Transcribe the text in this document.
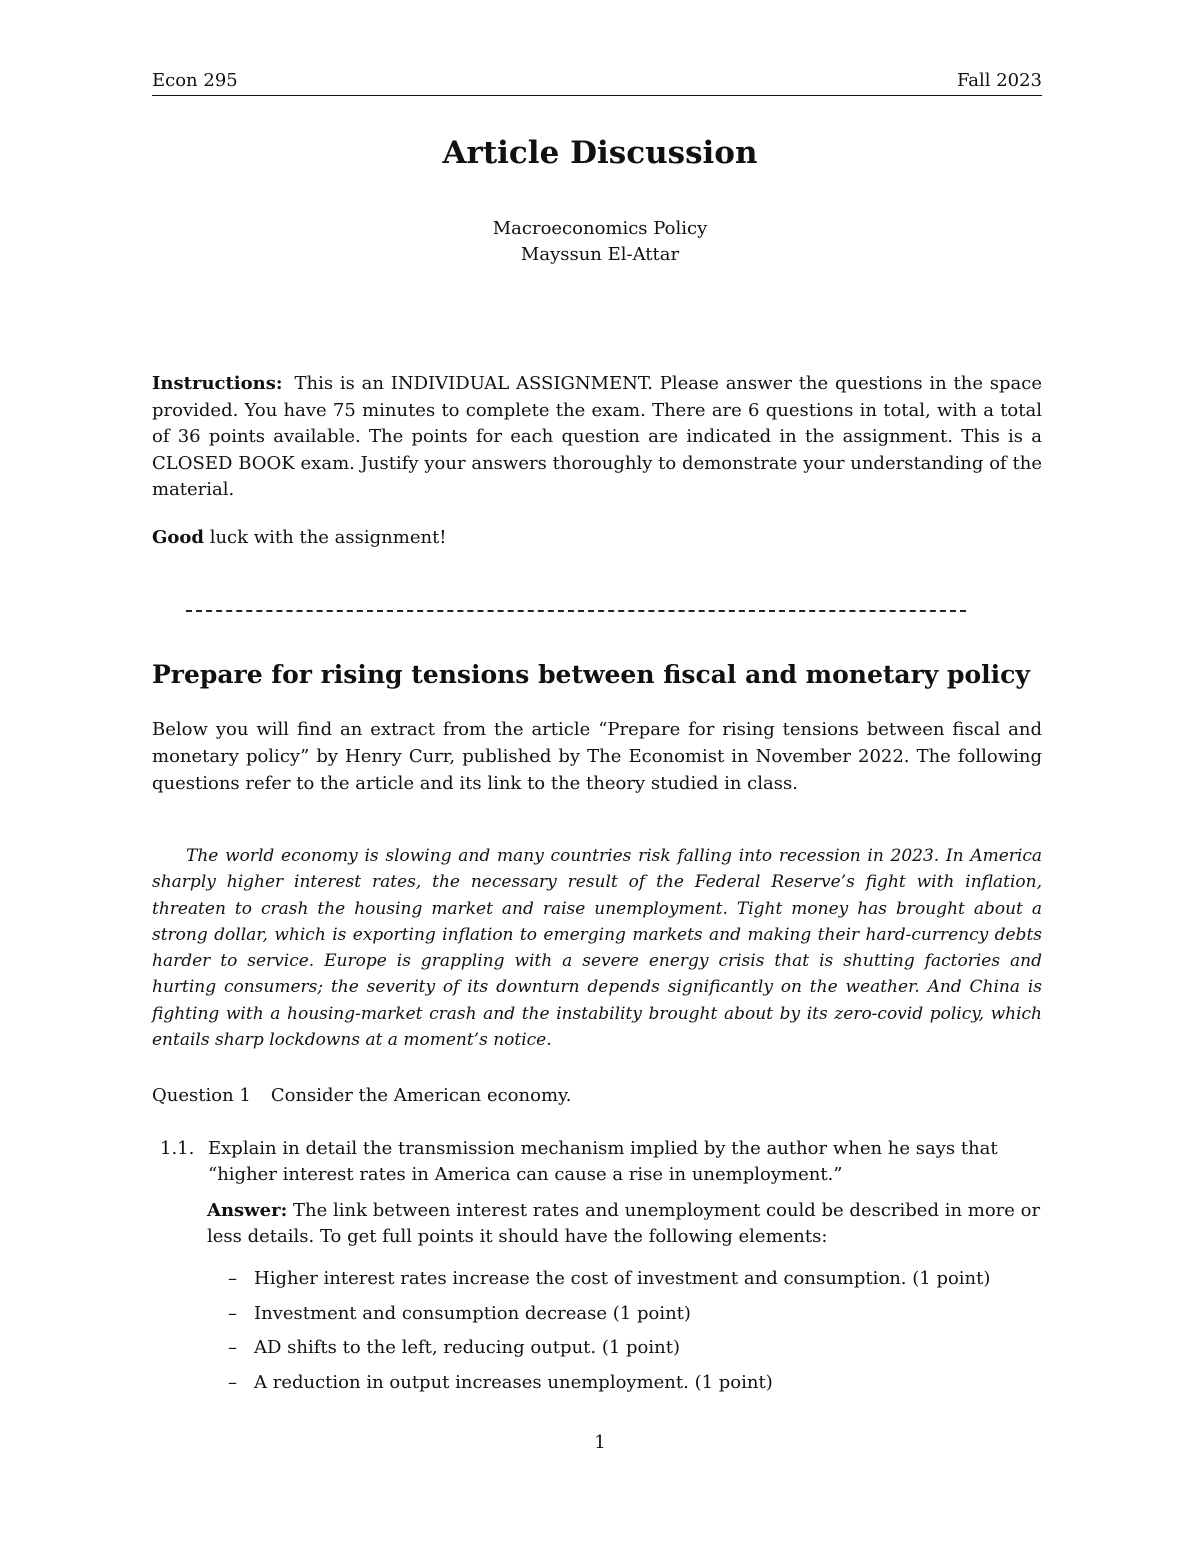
Econ 295	Fall 2023
Article Discussion
Macroeconomics Policy
Mayssun El-Attar
Instructions: This is an INDIVIDUAL ASSIGNMENT. Please answer the questions in the space provided. You have 75 minutes to complete the exam. There are 6 questions in total, with a total of 36 points available. The points for each question are indicated in the assignment. This is a CLOSED BOOK exam. Justify your answers thoroughly to demonstrate your understanding of the material.
Good luck with the assignment!
Prepare for rising tensions between fiscal and monetary policy
Below you will find an extract from the article “Prepare for rising tensions between fiscal and monetary policy” by Henry Curr, published by The Economist in November 2022. The following questions refer to the article and its link to the theory studied in class.
The world economy is slowing and many countries risk falling into recession in 2023. In America sharply higher interest rates, the necessary result of the Federal Reserve’s fight with inflation, threaten to crash the housing market and raise unemployment. Tight money has brought about a strong dollar, which is exporting inflation to emerging markets and making their hard-currency debts harder to service. Europe is grappling with a severe energy crisis that is shutting factories and hurting consumers; the severity of its downturn depends significantly on the weather. And China is fighting with a housing-market crash and the instability brought about by its zero-covid policy, which entails sharp lockdowns at a moment’s notice.
Question 1 Consider the American economy.
1.1. Explain in detail the transmission mechanism implied by the author when he says that “higher interest rates in America can cause a rise in unemployment.”
Answer: The link between interest rates and unemployment could be described in more or less details. To get full points it should have the following elements:
– Higher interest rates increase the cost of investment and consumption. (1 point)
– Investment and consumption decrease (1 point)
– AD shifts to the left, reducing output. (1 point)
– A reduction in output increases unemployment. (1 point)
1
